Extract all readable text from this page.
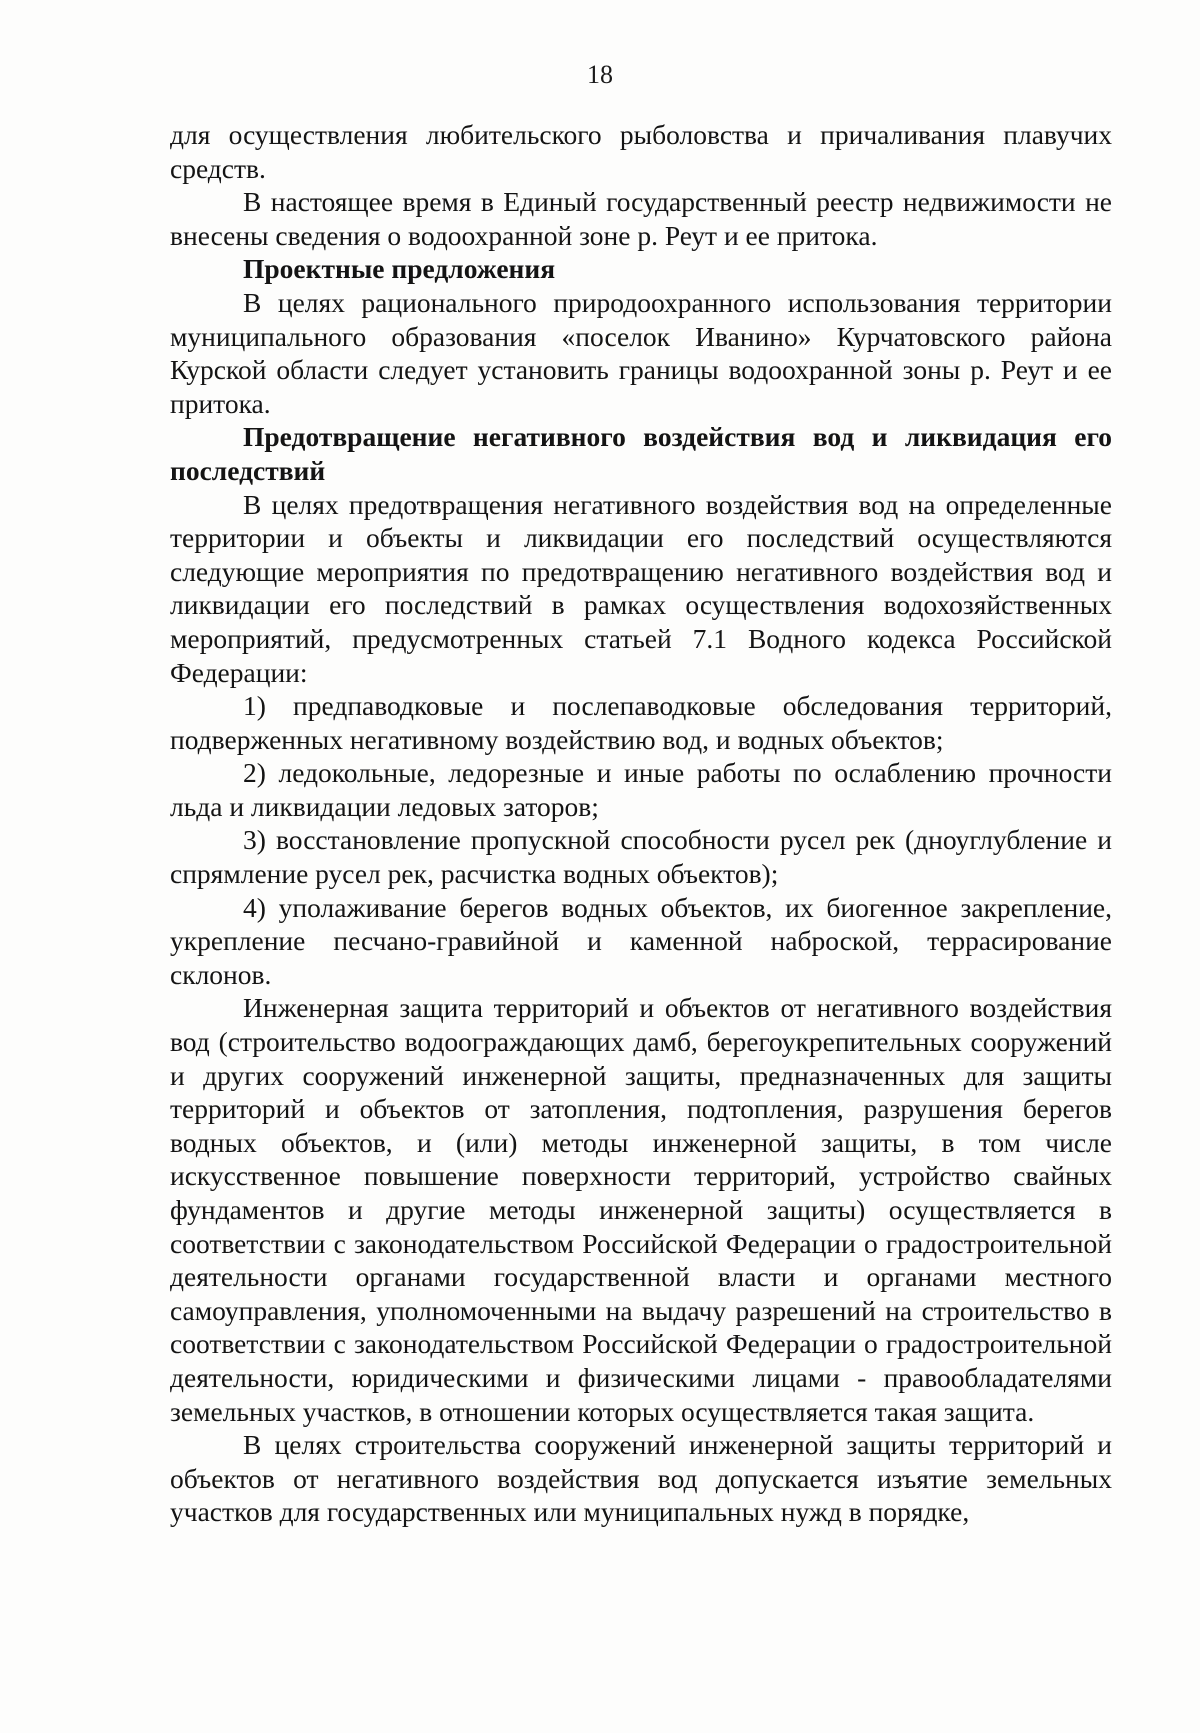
18

для осуществления любительского рыболовства и причаливания плавучих средств.

В настоящее время в Единый государственный реестр недвижимости не внесены сведения о водоохранной зоне р. Реут и ее притока.

Проектные предложения

В целях рационального природоохранного использования территории муниципального образования «поселок Иванино» Курчатовского района Курской области следует установить границы водоохранной зоны р. Реут и ее притока.

Предотвращение негативного воздействия вод и ликвидация его последствий

В целях предотвращения негативного воздействия вод на определенные территории и объекты и ликвидации его последствий осуществляются следующие мероприятия по предотвращению негативного воздействия вод и ликвидации его последствий в рамках осуществления водохозяйственных мероприятий, предусмотренных статьей 7.1 Водного кодекса Российской Федерации:

1) предпаводковые и послепаводковые обследования территорий, подверженных негативному воздействию вод, и водных объектов;

2) ледокольные, ледорезные и иные работы по ослаблению прочности льда и ликвидации ледовых заторов;

3) восстановление пропускной способности русел рек (дноуглубление и спрямление русел рек, расчистка водных объектов);

4) уполаживание берегов водных объектов, их биогенное закрепление, укрепление песчано-гравийной и каменной наброской, террасирование склонов.

Инженерная защита территорий и объектов от негативного воздействия вод (строительство водоограждающих дамб, берегоукрепительных сооружений и других сооружений инженерной защиты, предназначенных для защиты территорий и объектов от затопления, подтопления, разрушения берегов водных объектов, и (или) методы инженерной защиты, в том числе искусственное повышение поверхности территорий, устройство свайных фундаментов и другие методы инженерной защиты) осуществляется в соответствии с законодательством Российской Федерации о градостроительной деятельности органами государственной власти и органами местного самоуправления, уполномоченными на выдачу разрешений на строительство в соответствии с законодательством Российской Федерации о градостроительной деятельности, юридическими и физическими лицами - правообладателями земельных участков, в отношении которых осуществляется такая защита.

В целях строительства сооружений инженерной защиты территорий и объектов от негативного воздействия вод допускается изъятие земельных участков для государственных или муниципальных нужд в порядке,
